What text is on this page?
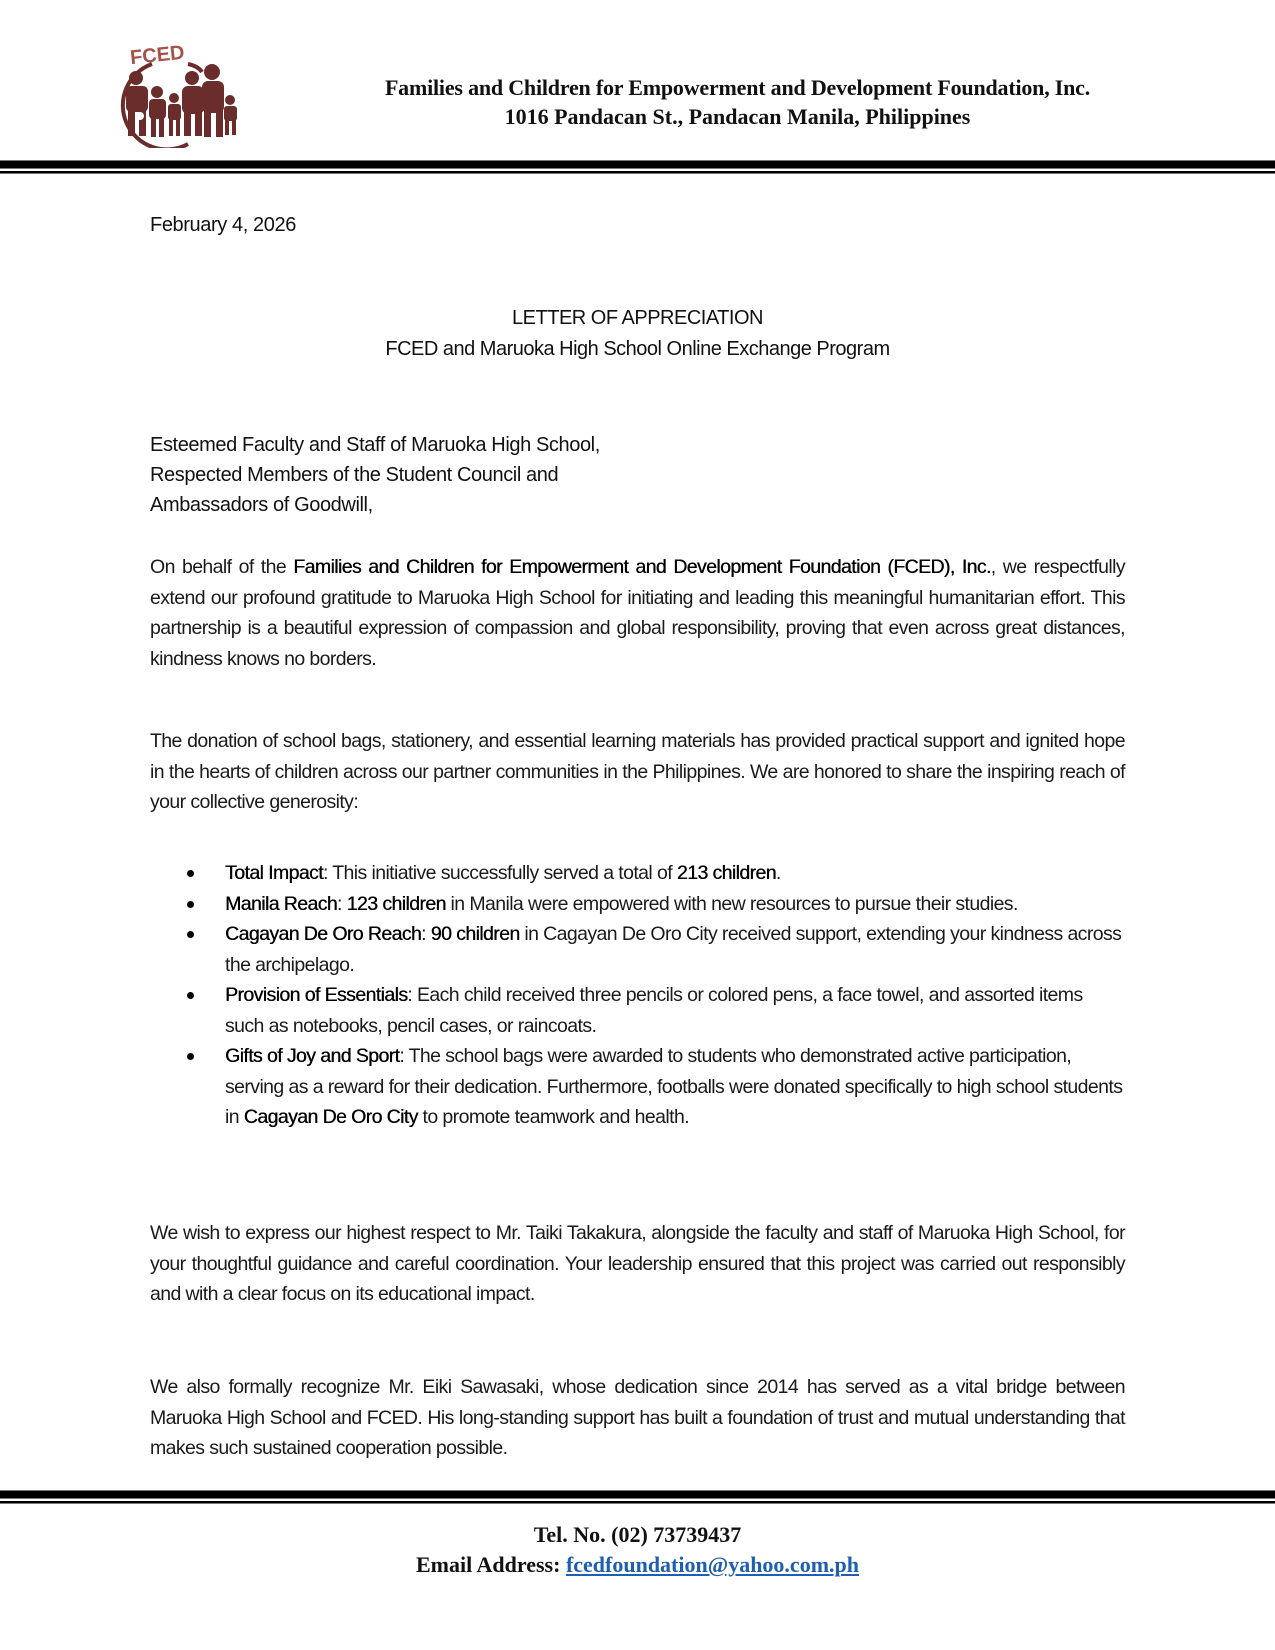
FCED
Families and Children for Empowerment and Development Foundation, Inc.
1016 Pandacan St., Pandacan Manila, Philippines
February 4, 2026
LETTER OF APPRECIATION
FCED and Maruoka High School Online Exchange Program
Esteemed Faculty and Staff of Maruoka High School,
Respected Members of the Student Council and
Ambassadors of Goodwill,

On behalf of the Families and Children for Empowerment and Development Foundation (FCED), Inc., we respectfully extend our profound gratitude to Maruoka High School for initiating and leading this meaningful humanitarian effort. This partnership is a beautiful expression of compassion and global responsibility, proving that even across great distances, kindness knows no borders.

The donation of school bags, stationery, and essential learning materials has provided practical support and ignited hope in the hearts of children across our partner communities in the Philippines. We are honored to share the inspiring reach of your collective generosity:

Total Impact: This initiative successfully served a total of 213 children.
Manila Reach: 123 children in Manila were empowered with new resources to pursue their studies.
Cagayan De Oro Reach: 90 children in Cagayan De Oro City received support, extending your kindness across the archipelago.
Provision of Essentials: Each child received three pencils or colored pens, a face towel, and assorted items such as notebooks, pencil cases, or raincoats.
Gifts of Joy and Sport: The school bags were awarded to students who demonstrated active participation, serving as a reward for their dedication. Furthermore, footballs were donated specifically to high school students in Cagayan De Oro City to promote teamwork and health.

We wish to express our highest respect to Mr. Taiki Takakura, alongside the faculty and staff of Maruoka High School, for your thoughtful guidance and careful coordination. Your leadership ensured that this project was carried out responsibly and with a clear focus on its educational impact.

We also formally recognize Mr. Eiki Sawasaki, whose dedication since 2014 has served as a vital bridge between Maruoka High School and FCED. His long-standing support has built a foundation of trust and mutual understanding that makes such sustained cooperation possible.

Tel. No. (02) 73739437
Email Address: fcedfoundation@yahoo.com.ph
